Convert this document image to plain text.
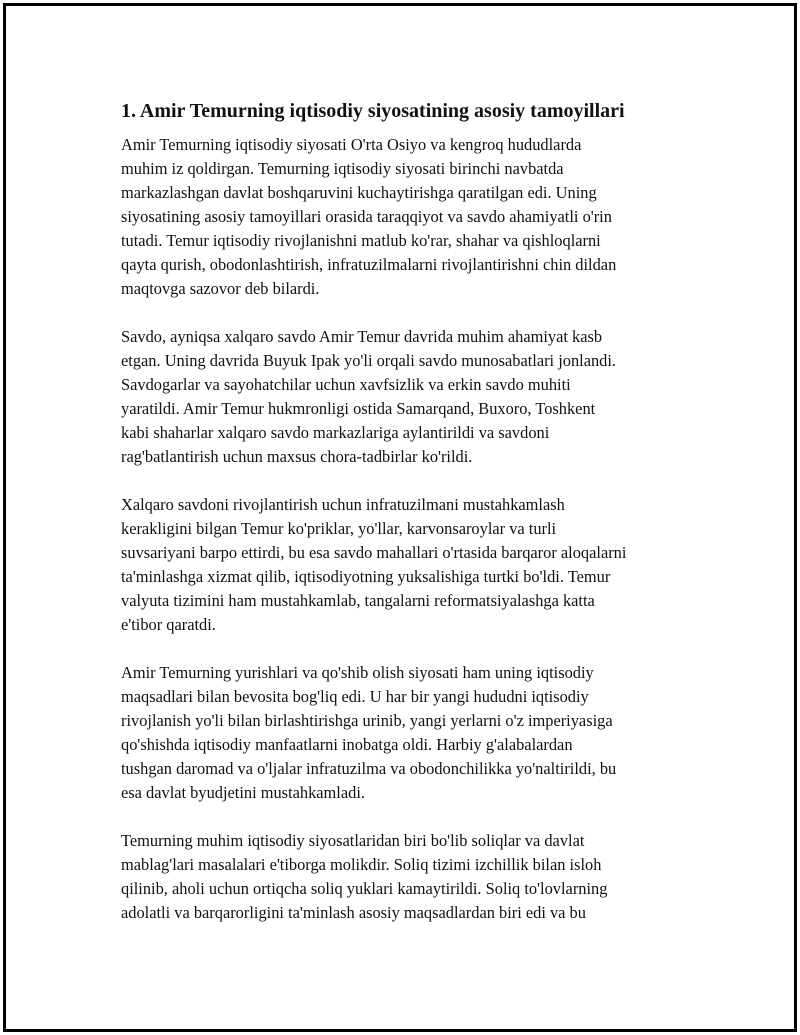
1. Amir Temurning iqtisodiy siyosatining asosiy tamoyillari

Amir Temurning iqtisodiy siyosati O'rta Osiyo va kengroq hududlarda
muhim iz qoldirgan. Temurning iqtisodiy siyosati birinchi navbatda
markazlashgan davlat boshqaruvini kuchaytirishga qaratilgan edi. Uning
siyosatining asosiy tamoyillari orasida taraqqiyot va savdo ahamiyatli o'rin
tutadi. Temur iqtisodiy rivojlanishni matlub ko'rar, shahar va qishloqlarni
qayta qurish, obodonlashtirish, infratuzilmalarni rivojlantirishni chin dildan
maqtovga sazovor deb bilardi.

Savdo, ayniqsa xalqaro savdo Amir Temur davrida muhim ahamiyat kasb
etgan. Uning davrida Buyuk Ipak yo'li orqali savdo munosabatlari jonlandi.
Savdogarlar va sayohatchilar uchun xavfsizlik va erkin savdo muhiti
yaratildi. Amir Temur hukmronligi ostida Samarqand, Buxoro, Toshkent
kabi shaharlar xalqaro savdo markazlariga aylantirildi va savdoni
rag'batlantirish uchun maxsus chora-tadbirlar ko'rildi.

Xalqaro savdoni rivojlantirish uchun infratuzilmani mustahkamlash
kerakligini bilgan Temur ko'priklar, yo'llar, karvonsaroylar va turli
suvsariyani barpo ettirdi, bu esa savdo mahallari o'rtasida barqaror aloqalarni
ta'minlashga xizmat qilib, iqtisodiyotning yuksalishiga turtki bo'ldi. Temur
valyuta tizimini ham mustahkamlab, tangalarni reformatsiyalashga katta
e'tibor qaratdi.

Amir Temurning yurishlari va qo'shib olish siyosati ham uning iqtisodiy
maqsadlari bilan bevosita bog'liq edi. U har bir yangi hududni iqtisodiy
rivojlanish yo'li bilan birlashtirishga urinib, yangi yerlarni o'z imperiyasiga
qo'shishda iqtisodiy manfaatlarni inobatga oldi. Harbiy g'alabalardan
tushgan daromad va o'ljalar infratuzilma va obodonchilikka yo'naltirildi, bu
esa davlat byudjetini mustahkamladi.

Temurning muhim iqtisodiy siyosatlaridan biri bo'lib soliqlar va davlat
mablag'lari masalalari e'tiborga molikdir. Soliq tizimi izchillik bilan isloh
qilinib, aholi uchun ortiqcha soliq yuklari kamaytirildi. Soliq to'lovlarning
adolatli va barqarorligini ta'minlash asosiy maqsadlardan biri edi va bu
